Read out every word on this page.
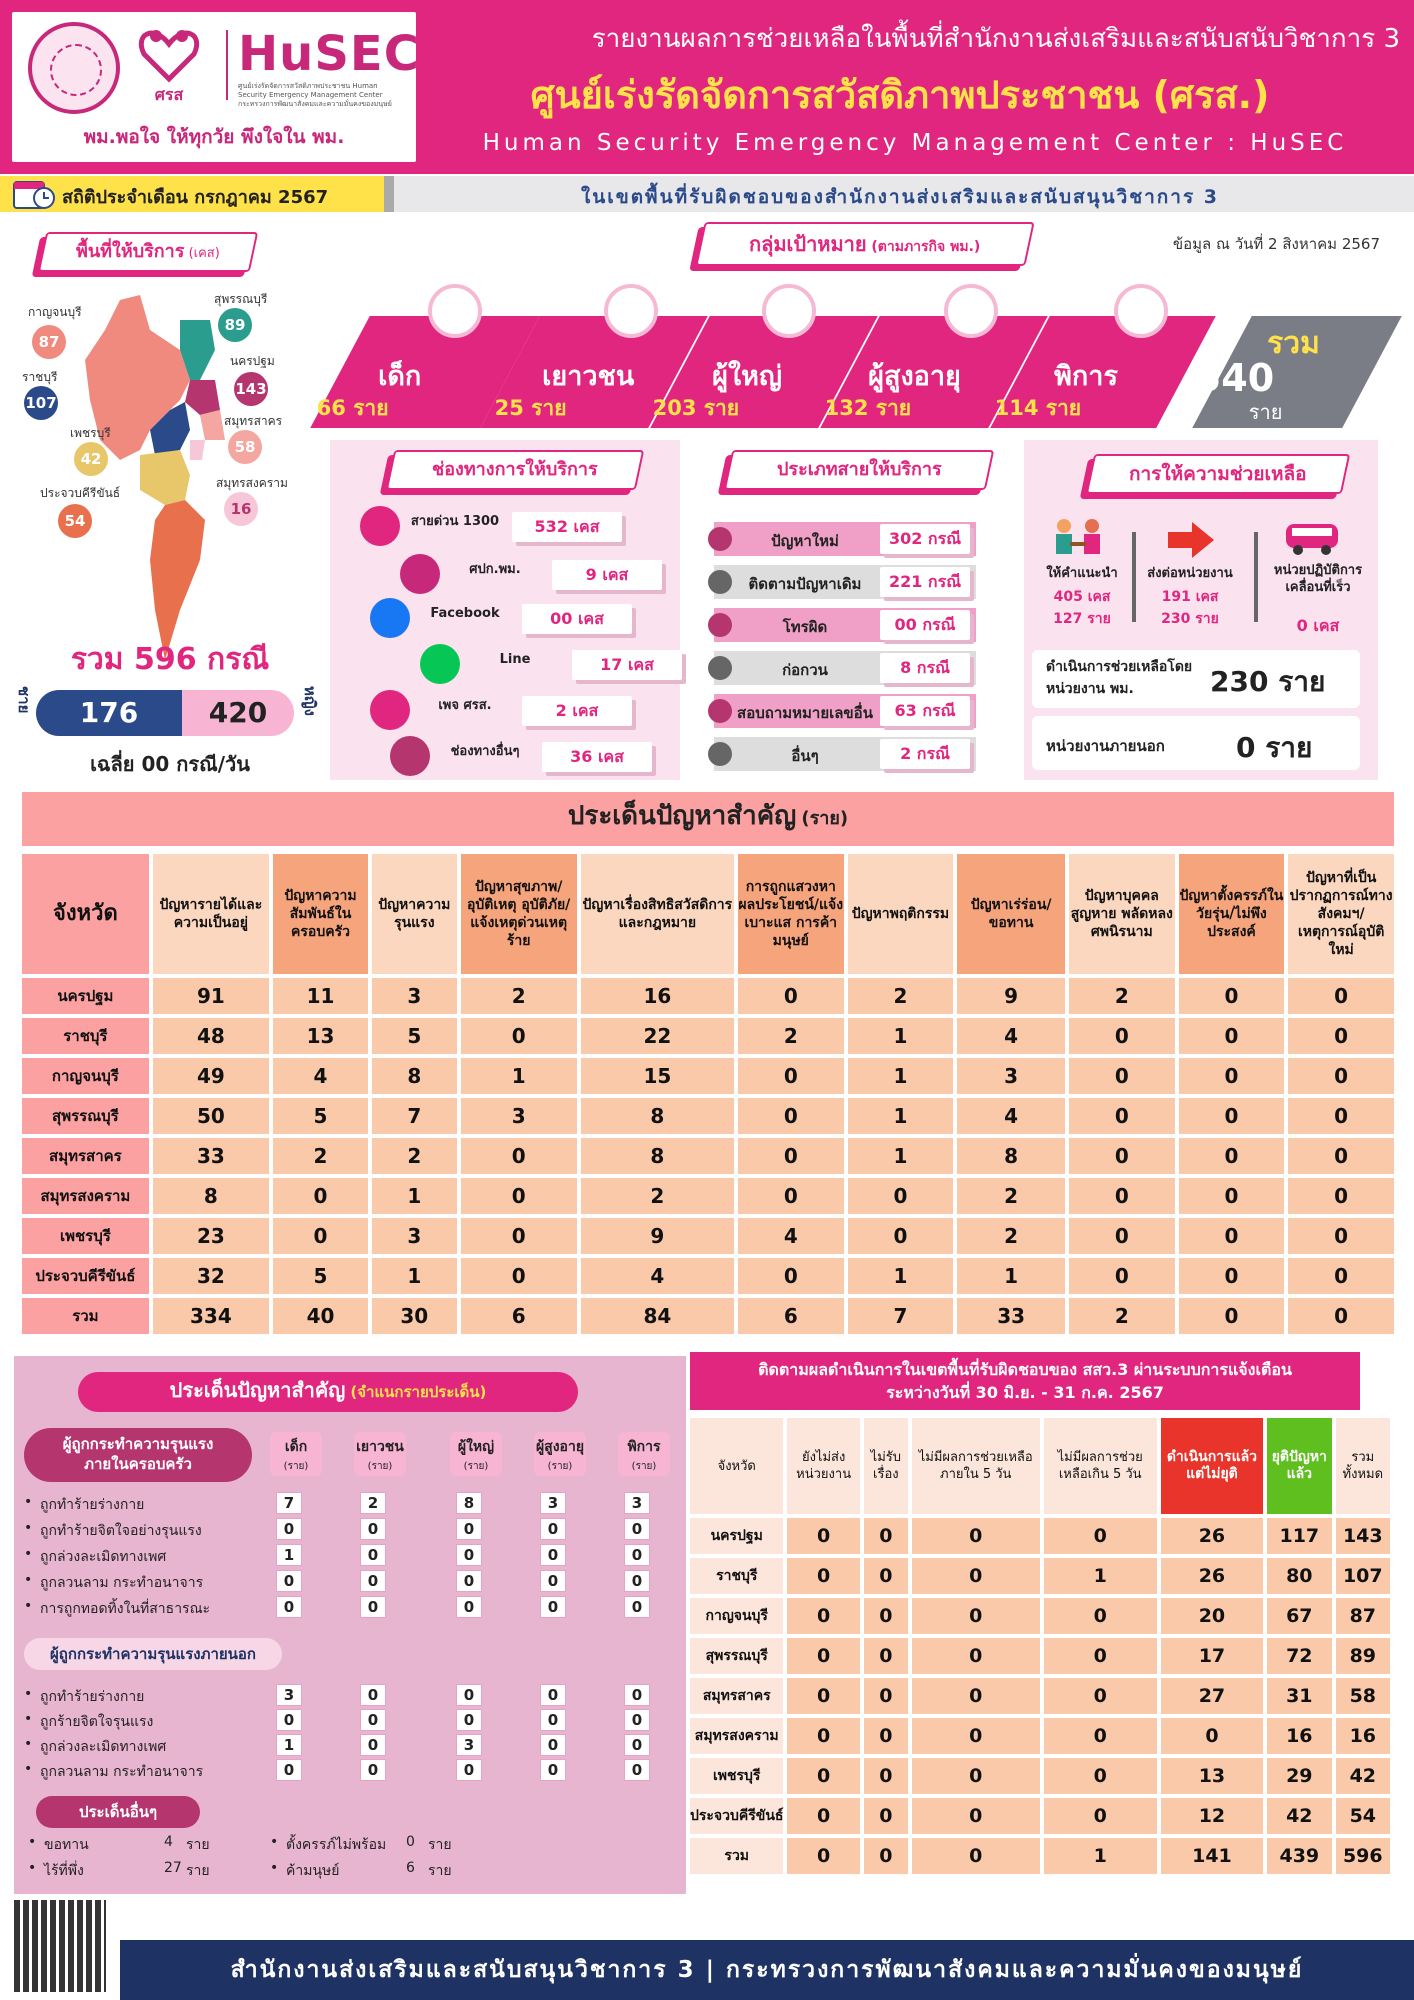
ศรส
HuSEC
ศูนย์เร่งรัดจัดการสวัสดิภาพประชาชน Human Security Emergency Management Center กระทรวงการพัฒนาสังคมและความมั่นคงของมนุษย์
พม.พอใจ ให้ทุกวัย พึงใจใน พม.
รายงานผลการช่วยเหลือในพื้นที่สำนักงานส่งเสริมและสนับสนับวิชาการ 3
ศูนย์เร่งรัดจัดการสวัสดิภาพประชาชน (ศรส.)
Human Security Emergency Management Center : HuSEC
สถิติประจำเดือน กรกฎาคม 2567	ในเขตพื้นที่รับผิดชอบของสำนักงานส่งเสริมและสนับสนุนวิชาการ 3
พื้นที่ให้บริการ (เคส)
กาญจนบุรี
87
สุพรรณบุรี
89
นครปฐม
143
ราชบุรี
107
สมุทรสาคร
58
เพชรบุรี
42
สมุทรสงคราม
16
ประจวบคีรีขันธ์
54
รวม 596 กรณี
ชาย	176	420	หญิง
เฉลี่ย 00 กรณี/วัน
กลุ่มเป้าหมาย (ตามภารกิจ พม.)	ข้อมูล ณ วันที่ 2 สิงหาคม 2567
เด็ก
66 ราย
เยาวชน
25 ราย
ผู้ใหญ่
203 ราย
ผู้สูงอายุ
132 ราย
พิการ
114 ราย
รวม
540
ราย
ช่องทางการให้บริการ
สายด่วน 1300	532 เคส
ศปก.พม.	9 เคส
Facebook	00 เคส
Line	17 เคส
เพจ ศรส.	2 เคส
ช่องทางอื่นๆ	36 เคส
ประเภทสายให้บริการ
ปัญหาใหม่	302 กรณี
ติดตามปัญหาเดิม	221 กรณี
โทรผิด	00 กรณี
ก่อกวน	8 กรณี
สอบถามหมายเลขอื่น	63 กรณี
อื่นๆ	2 กรณี
การให้ความช่วยเหลือ
ให้คำแนะนำ
405 เคส
127 ราย
ส่งต่อหน่วยงาน
191 เคส
230 ราย
หน่วยปฏิบัติการเคลื่อนที่เร็ว
0 เคส
ดำเนินการช่วยเหลือโดยหน่วยงาน พม.	230 ราย
หน่วยงานภายนอก	0 ราย
ประเด็นปัญหาสำคัญ (ราย)
จังหวัด	ปัญหารายได้และความเป็นอยู่	ปัญหาความสัมพันธ์ในครอบครัว	ปัญหาความรุนแรง	ปัญหาสุขภาพ/อุบัติเหตุ อุบัติภัย/แจ้งเหตุด่วนเหตุร้าย	ปัญหาเรื่องสิทธิสวัสดิการและกฎหมาย	การถูกแสวงหาผลประโยชน์/แจ้งเบาะแส การค้ามนุษย์	ปัญหาพฤติกรรม	ปัญหาเร่ร่อน/ขอทาน	ปัญหาบุคคลสูญหาย พลัดหลง ศพนิรนาม	ปัญหาตั้งครรภ์ในวัยรุ่น/ไม่พึงประสงค์	ปัญหาที่เป็นปรากฏการณ์ทางสังคมฯ/เหตุการณ์อุบัติใหม่
นครปฐม	91	11	3	2	16	0	2	9	2	0	0
ราชบุรี	48	13	5	0	22	2	1	4	0	0	0
กาญจนบุรี	49	4	8	1	15	0	1	3	0	0	0
สุพรรณบุรี	50	5	7	3	8	0	1	4	0	0	0
สมุทรสาคร	33	2	2	0	8	0	1	8	0	0	0
สมุทรสงคราม	8	0	1	0	2	0	0	2	0	0	0
เพชรบุรี	23	0	3	0	9	4	0	2	0	0	0
ประจวบคีรีขันธ์	32	5	1	0	4	0	1	1	0	0	0
รวม	334	40	30	6	84	6	7	33	2	0	0
ประเด็นปัญหาสำคัญ (จำแนกรายประเด็น)
ผู้ถูกกระทำความรุนแรงภายในครอบครัว
เด็ก
(ราย)
เยาวชน
(ราย)
ผู้ใหญ่
(ราย)
ผู้สูงอายุ
(ราย)
พิการ
(ราย)
• ถูกทำร้ายร่างกาย	7	2	8	3	3
• ถูกทำร้ายจิตใจอย่างรุนแรง	0	0	0	0	0
• ถูกล่วงละเมิดทางเพศ	1	0	0	0	0
• ถูกลวนลาม กระทำอนาจาร	0	0	0	0	0
• การถูกทอดทิ้งในที่สาธารณะ	0	0	0	0	0
ผู้ถูกกระทำความรุนแรงภายนอก
• ถูกทำร้ายร่างกาย	3	0	0	0	0
• ถูกร้ายจิตใจรุนแรง	0	0	0	0	0
• ถูกล่วงละเมิดทางเพศ	1	0	3	0	0
• ถูกลวนลาม กระทำอนาจาร	0	0	0	0	0
ประเด็นอื่นๆ
• ขอทาน	4 ราย
• ไร้ที่พึ่ง	27 ราย
• ตั้งครรภ์ไม่พร้อม 0 ราย
• ค้ามนุษย์	6 ราย
ติดตามผลดำเนินการในเขตพื้นที่รับผิดชอบของ สสว.3 ผ่านระบบการแจ้งเตือน
ระหว่างวันที่ 30 มิ.ย. - 31 ก.ค. 2567
จังหวัด	ยังไม่ส่งหน่วยงาน	ไม่รับเรื่อง	ไม่มีผลการช่วยเหลือภายใน 5 วัน	ไม่มีผลการช่วยเหลือเกิน 5 วัน	ดำเนินการแล้วแต่ไม่ยุติ	ยุติปัญหาแล้ว	รวมทั้งหมด
นครปฐม	0	0	0	0	26	117	143
ราชบุรี	0	0	0	1	26	80	107
กาญจนบุรี	0	0	0	0	20	67	87
สุพรรณบุรี	0	0	0	0	17	72	89
สมุทรสาคร	0	0	0	0	27	31	58
สมุทรสงคราม	0	0	0	0	0	16	16
เพชรบุรี	0	0	0	0	13	29	42
ประจวบคีรีขันธ์	0	0	0	0	12	42	54
รวม	0	0	0	1	141	439	596
สำนักงานส่งเสริมและสนับสนุนวิชาการ 3 | กระทรวงการพัฒนาสังคมและความมั่นคงของมนุษย์
